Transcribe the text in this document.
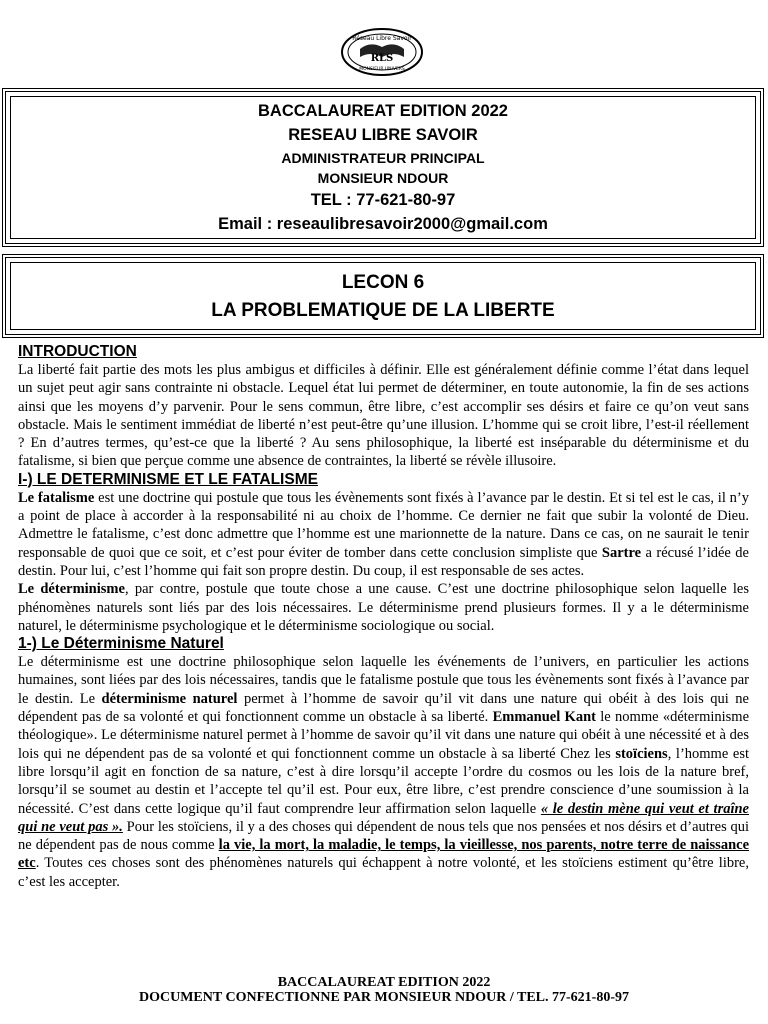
Réseau Libre Savoir
RLS
MONSIEUR UNIVERS
BACCALAUREAT EDITION 2022
RESEAU LIBRE SAVOIR
ADMINISTRATEUR PRINCIPAL
MONSIEUR NDOUR
TEL : 77-621-80-97
Email : reseaulibresavoir2000@gmail.com
LECON 6
LA PROBLEMATIQUE DE LA LIBERTE
INTRODUCTION

La liberté fait partie des mots les plus ambigus et difficiles à définir. Elle est généralement définie comme l’état dans lequel un sujet peut agir sans contrainte ni obstacle. Lequel état lui permet de déterminer, en toute autonomie, la fin de ses actions ainsi que les moyens d’y parvenir. Pour le sens commun, être libre, c’est accomplir ses désirs et faire ce qu’on veut sans obstacle. Mais le sentiment immédiat de liberté n’est peut-être qu’une illusion. L’homme qui se croit libre, l’est-il réellement ? En d’autres termes, qu’est-ce que la liberté ? Au sens philosophique, la liberté est inséparable du déterminisme et du fatalisme, si bien que perçue comme une absence de contraintes, la liberté se révèle illusoire.

I-) LE DETERMINISME ET LE FATALISME

Le fatalisme est une doctrine qui postule que tous les évènements sont fixés à l’avance par le destin. Et si tel est le cas, il n’y a point de place à accorder à la responsabilité ni au choix de l’homme. Ce dernier ne fait que subir la volonté de Dieu. Admettre le fatalisme, c’est donc admettre que l’homme est une marionnette de la nature. Dans ce cas, on ne saurait le tenir responsable de quoi que ce soit, et c’est pour éviter de tomber dans cette conclusion simpliste que Sartre a récusé l’idée de destin. Pour lui, c’est l’homme qui fait son propre destin. Du coup, il est responsable de ses actes.

Le déterminisme, par contre, postule que toute chose a une cause. C’est une doctrine philosophique selon laquelle les phénomènes naturels sont liés par des lois nécessaires. Le déterminisme prend plusieurs formes. Il y a le déterminisme naturel, le déterminisme psychologique et le déterminisme sociologique ou social.

1-) Le Déterminisme Naturel

Le déterminisme est une doctrine philosophique selon laquelle les événements de l’univers, en particulier les actions humaines, sont liées par des lois nécessaires, tandis que le fatalisme postule que tous les évènements sont fixés à l’avance par le destin. Le déterminisme naturel permet à l’homme de savoir qu’il vit dans une nature qui obéit à des lois qui ne dépendent pas de sa volonté et qui fonctionnent comme un obstacle à sa liberté. Emmanuel Kant le nomme «déterminisme théologique». Le déterminisme naturel permet à l’homme de savoir qu’il vit dans une nature qui obéit à une nécessité et à des lois qui ne dépendent pas de sa volonté et qui fonctionnent comme un obstacle à sa liberté Chez les stoïciens, l’homme est libre lorsqu’il agit en fonction de sa nature, c’est à dire lorsqu’il accepte l’ordre du cosmos ou les lois de la nature bref, lorsqu’il se soumet au destin et l’accepte tel qu’il est. Pour eux, être libre, c’est prendre conscience d’une soumission à la nécessité. C’est dans cette logique qu’il faut comprendre leur affirmation selon laquelle « le destin mène qui veut et traîne qui ne veut pas ». Pour les stoïciens, il y a des choses qui dépendent de nous tels que nos pensées et nos désirs et d’autres qui ne dépendent pas de nous comme la vie, la mort, la maladie, le temps, la vieillesse, nos parents, notre terre de naissance etc. Toutes ces choses sont des phénomènes naturels qui échappent à notre volonté, et les stoïciens estiment qu’être libre, c’est les accepter.

BACCALAUREAT EDITION 2022
DOCUMENT CONFECTIONNE PAR MONSIEUR NDOUR / TEL. 77-621-80-97
